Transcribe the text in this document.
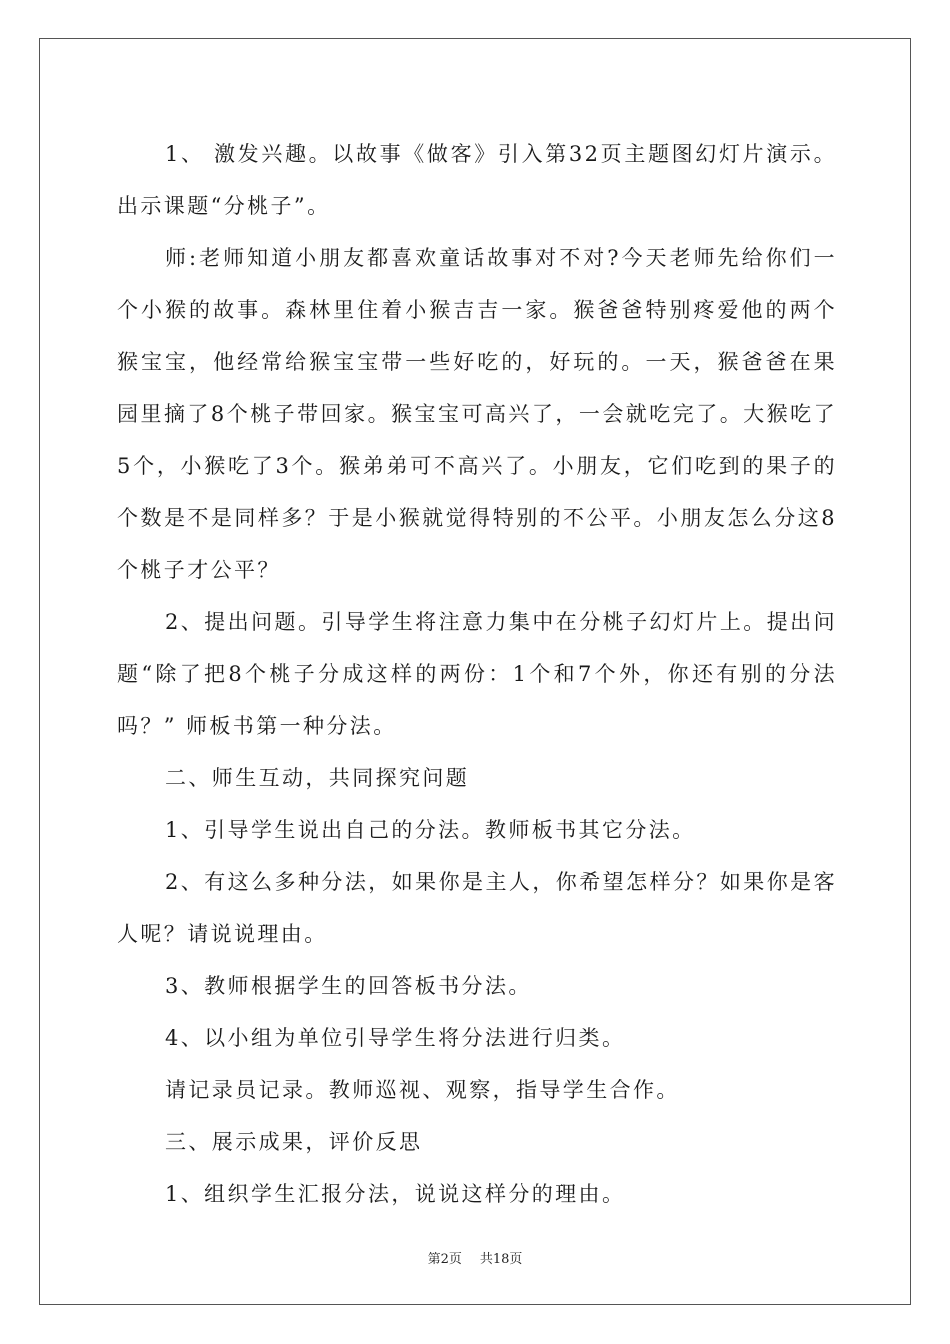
1、 激发兴趣。以故事《做客》引入第32页主题图幻灯片演示。出示课题“分桃子”。

师:老师知道小朋友都喜欢童话故事对不对?今天老师先给你们一个小猴的故事。森林里住着小猴吉吉一家。猴爸爸特别疼爱他的两个猴宝宝，他经常给猴宝宝带一些好吃的，好玩的。一天，猴爸爸在果园里摘了8个桃子带回家。猴宝宝可高兴了，一会就吃完了。大猴吃了5个，小猴吃了3个。猴弟弟可不高兴了。小朋友，它们吃到的果子的个数是不是同样多？于是小猴就觉得特别的不公平。小朋友怎么分这8个桃子才公平？

2、提出问题。引导学生将注意力集中在分桃子幻灯片上。提出问题“除了把8个桃子分成这样的两份：1个和7个外，你还有别的分法吗？” 师板书第一种分法。

二、师生互动，共同探究问题

1、引导学生说出自己的分法。教师板书其它分法。

2、有这么多种分法，如果你是主人，你希望怎样分？如果你是客人呢？请说说理由。

3、教师根据学生的回答板书分法。

4、以小组为单位引导学生将分法进行归类。

请记录员记录。教师巡视、观察，指导学生合作。

三、展示成果，评价反思

1、组织学生汇报分法，说说这样分的理由。

第2页 共18页
